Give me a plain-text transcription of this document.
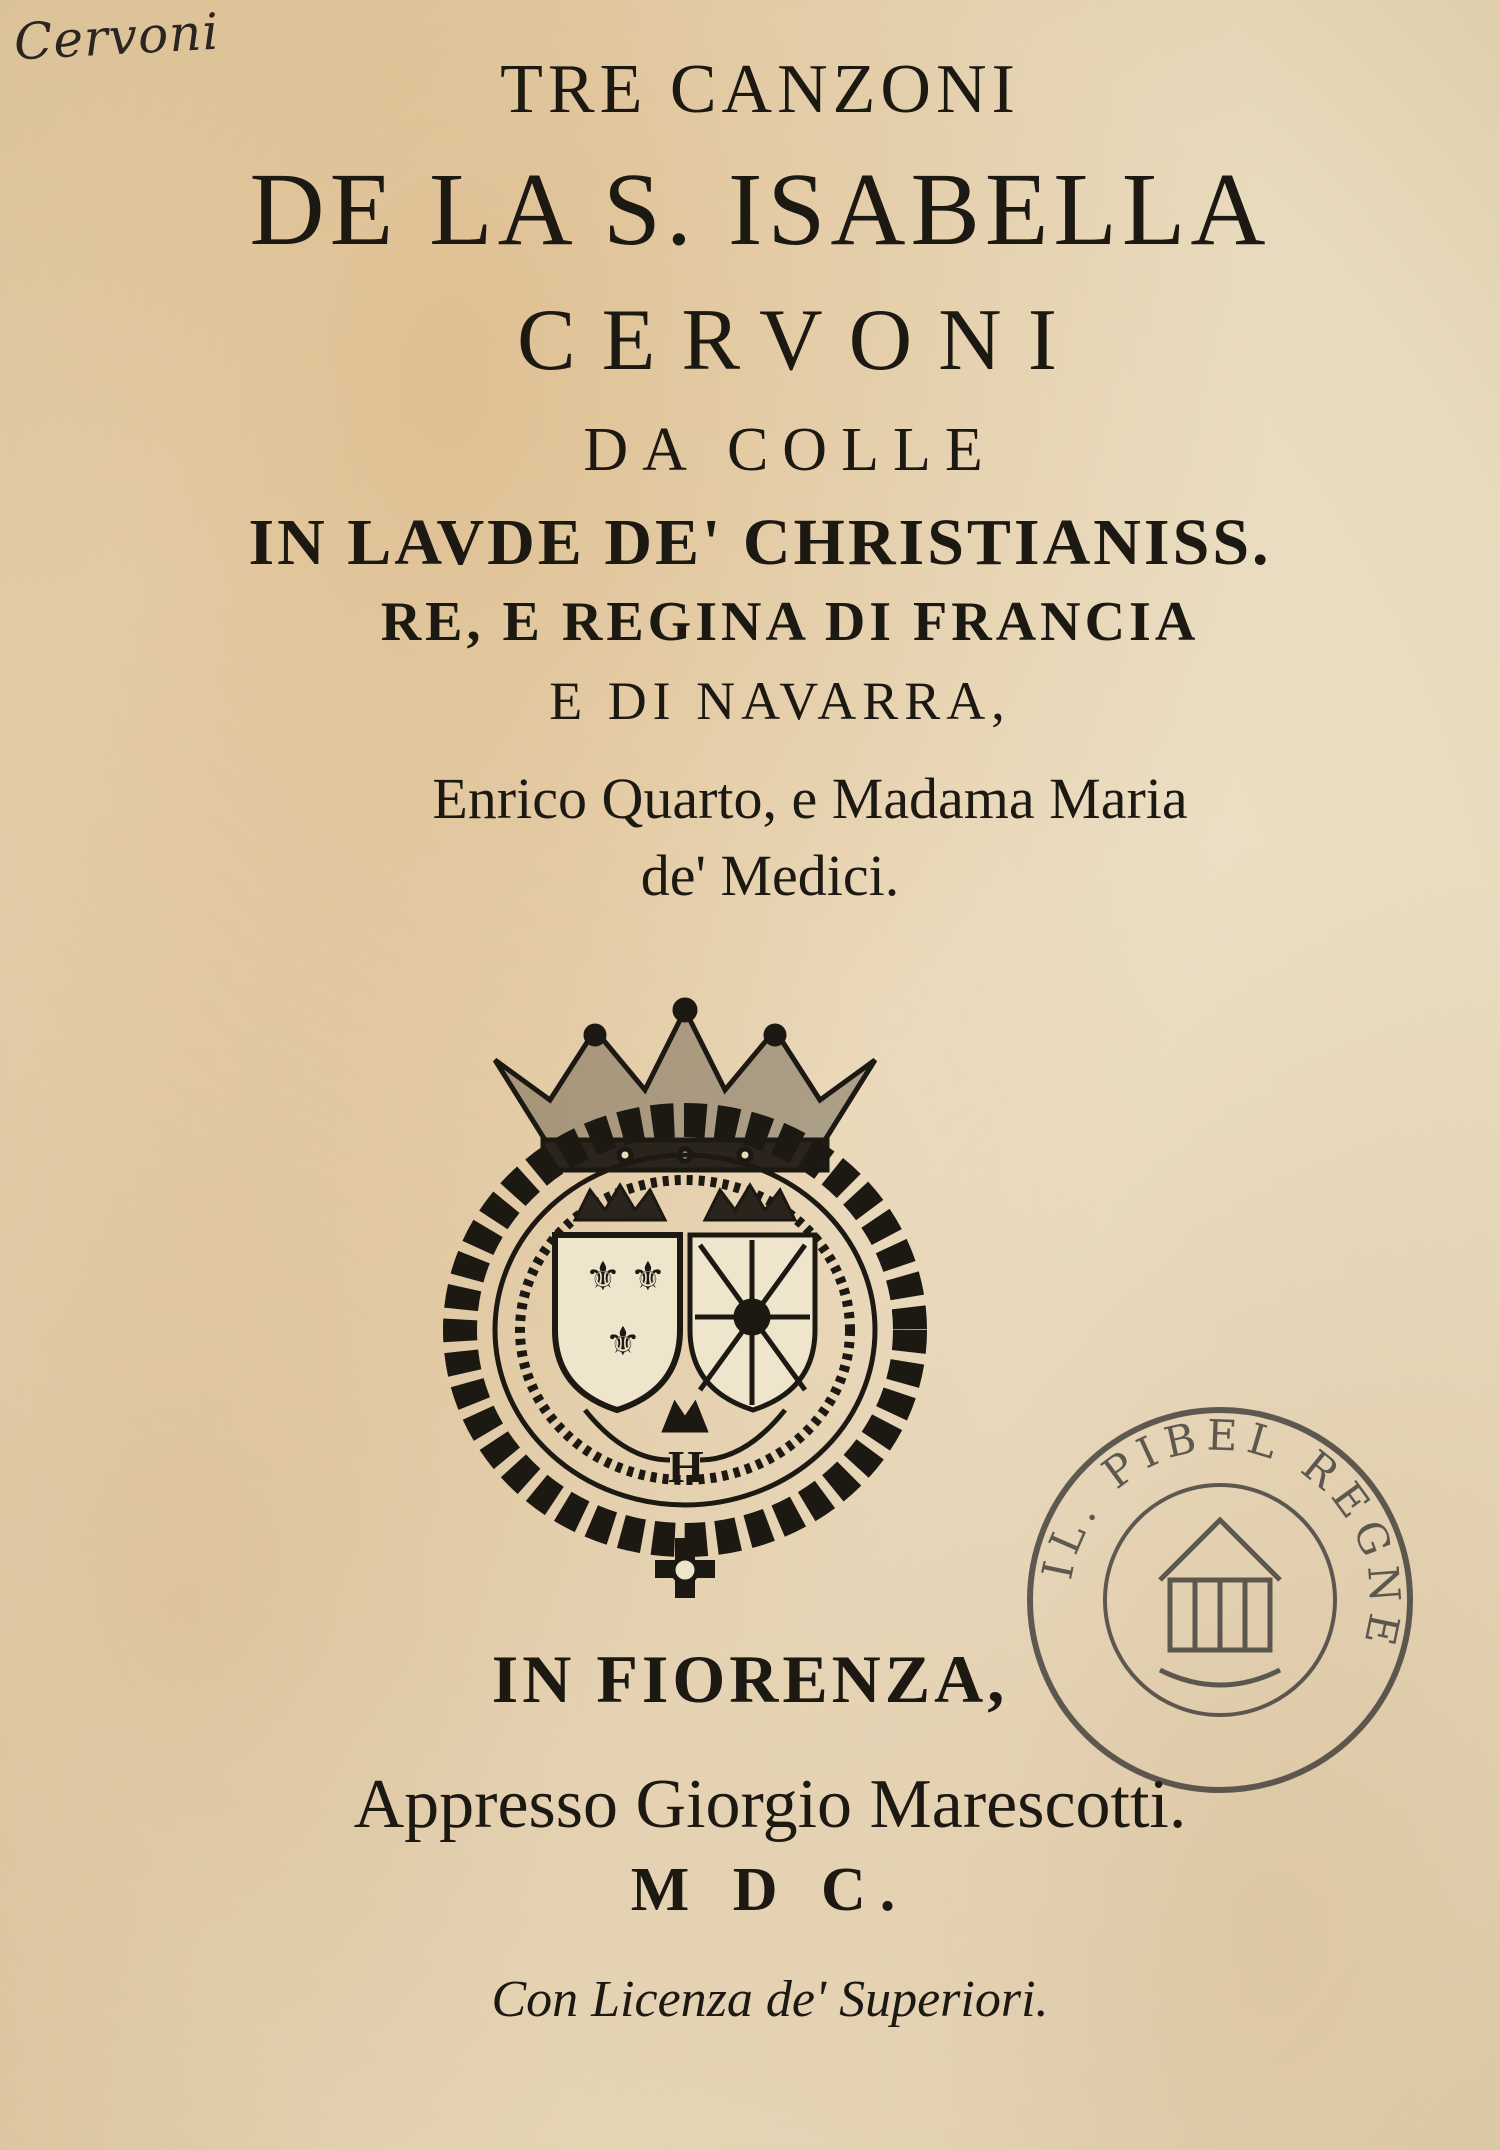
Cervoni
TRE CANZONI
DE LA S. ISABELLA
CERVONI
DA COLLE
IN LAVDE DE' CHRISTIANISS.
RE, E REGINA DI FRANCIA
E DI NAVARRA,
Enrico Quarto, e Madama Maria
de' Medici.
⚜ ⚜
⚜
H
IN FIORENZA,
Appresso Giorgio Marescotti.
M D C.
Con Licenza de' Superiori.
IL. PIBEL REGNE
